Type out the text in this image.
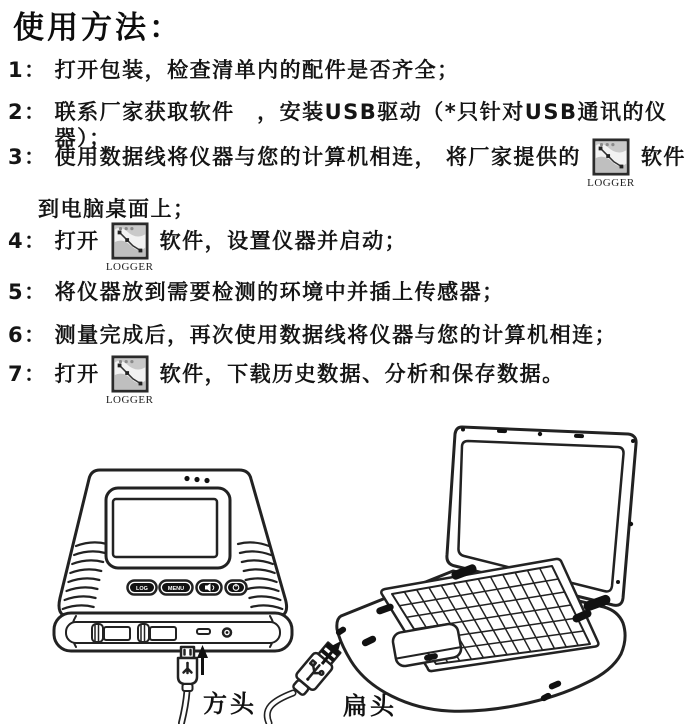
使用方法：
1： 打开包装，检查清单内的配件是否齐全；
2： 联系厂家获取软件　，安装USB驱动（*只针对USB通讯的仪器）；
3： 使用数据线将仪器与您的计算机相连， 将厂家提供的
LOGGER
软件
到电脑桌面上；
4： 打开
LOGGER
软件，设置仪器并启动；
5： 将仪器放到需要检测的环境中并插上传感器；
6： 测量完成后，再次使用数据线将仪器与您的计算机相连；
7： 打开
LOGGER
软件，下载历史数据、分析和保存数据。
LOG	MENU
方头	扁头
